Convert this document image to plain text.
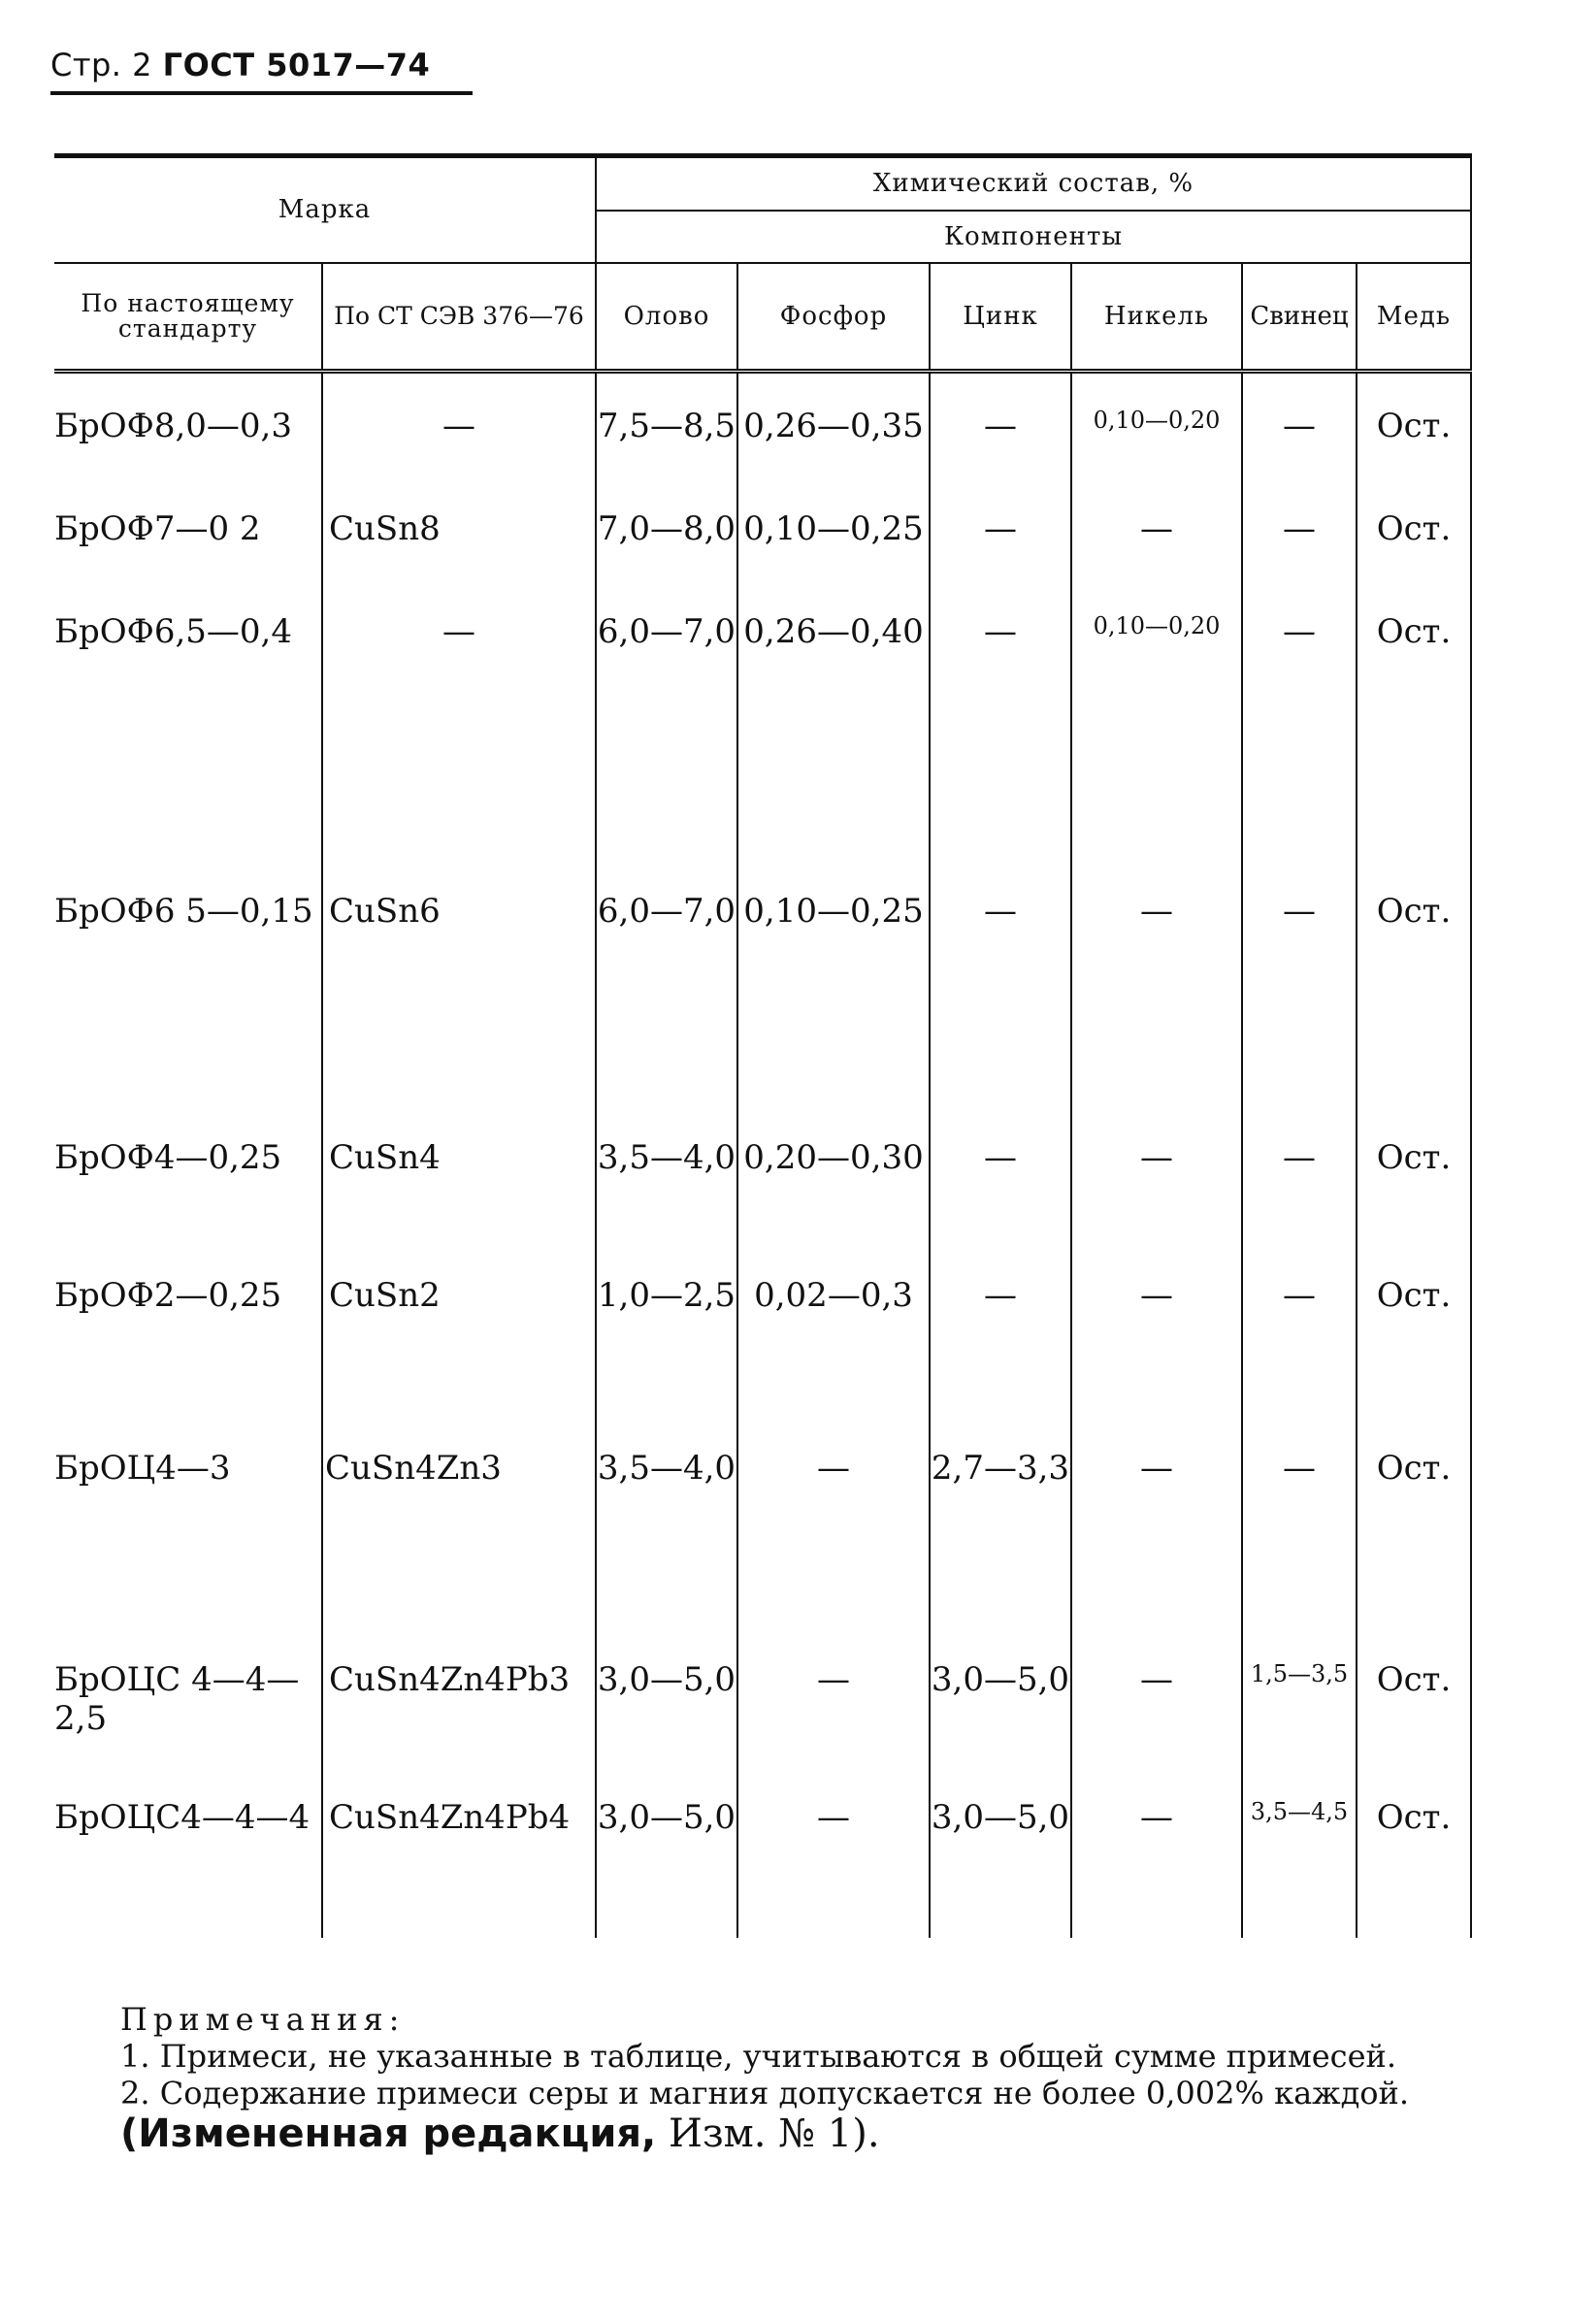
Стр. 2 ГОСТ 5017—74
Марка		Химический состав, %					
		Компоненты					
По настоящему стандарту	По СТ СЭВ 376—76	Олово	Фосфор	Цинк	Никель	Свинец	Медь
БрОФ8,0—0,3	—	7,5—8,5	0,26—0,35	—	0,10—0,20	—	Ост.
БрОФ7—0 2	CuSn8	7,0—8,0	0,10—0,25	—	—	—	Ост.
БрОФ6,5—0,4	—	6,0—7,0	0,26—0,40	—	0,10—0,20	—	Ост.
БрОФ6 5—0,15	CuSn6	6,0—7,0	0,10—0,25	—	—	—	Ост.
БрОФ4—0,25	CuSn4	3,5—4,0	0,20—0,30	—	—	—	Ост.
БрОФ2—0,25	CuSn2	1,0—2,5	0,02—0,3	—	—	—	Ост.
БрОЦ4—3	CuSn4Zn3	3,5—4,0	—	2,7—3,3	—	—	Ост.
БрОЦС 4—4—2,5	CuSn4Zn4Pb3	3,0—5,0	—	3,0—5,0	—	1,5—3,5	Ост.
БрОЦС4—4—4	CuSn4Zn4Pb4	3,0—5,0	—	3,0—5,0	—	3,5—4,5	Ост.
Примечания:
1. Примеси, не указанные в таблице, учитываются в общей сумме примесей.
2. Содержание примеси серы и магния допускается не более 0,002% каждой.
(Измененная редакция, Изм. № 1).
